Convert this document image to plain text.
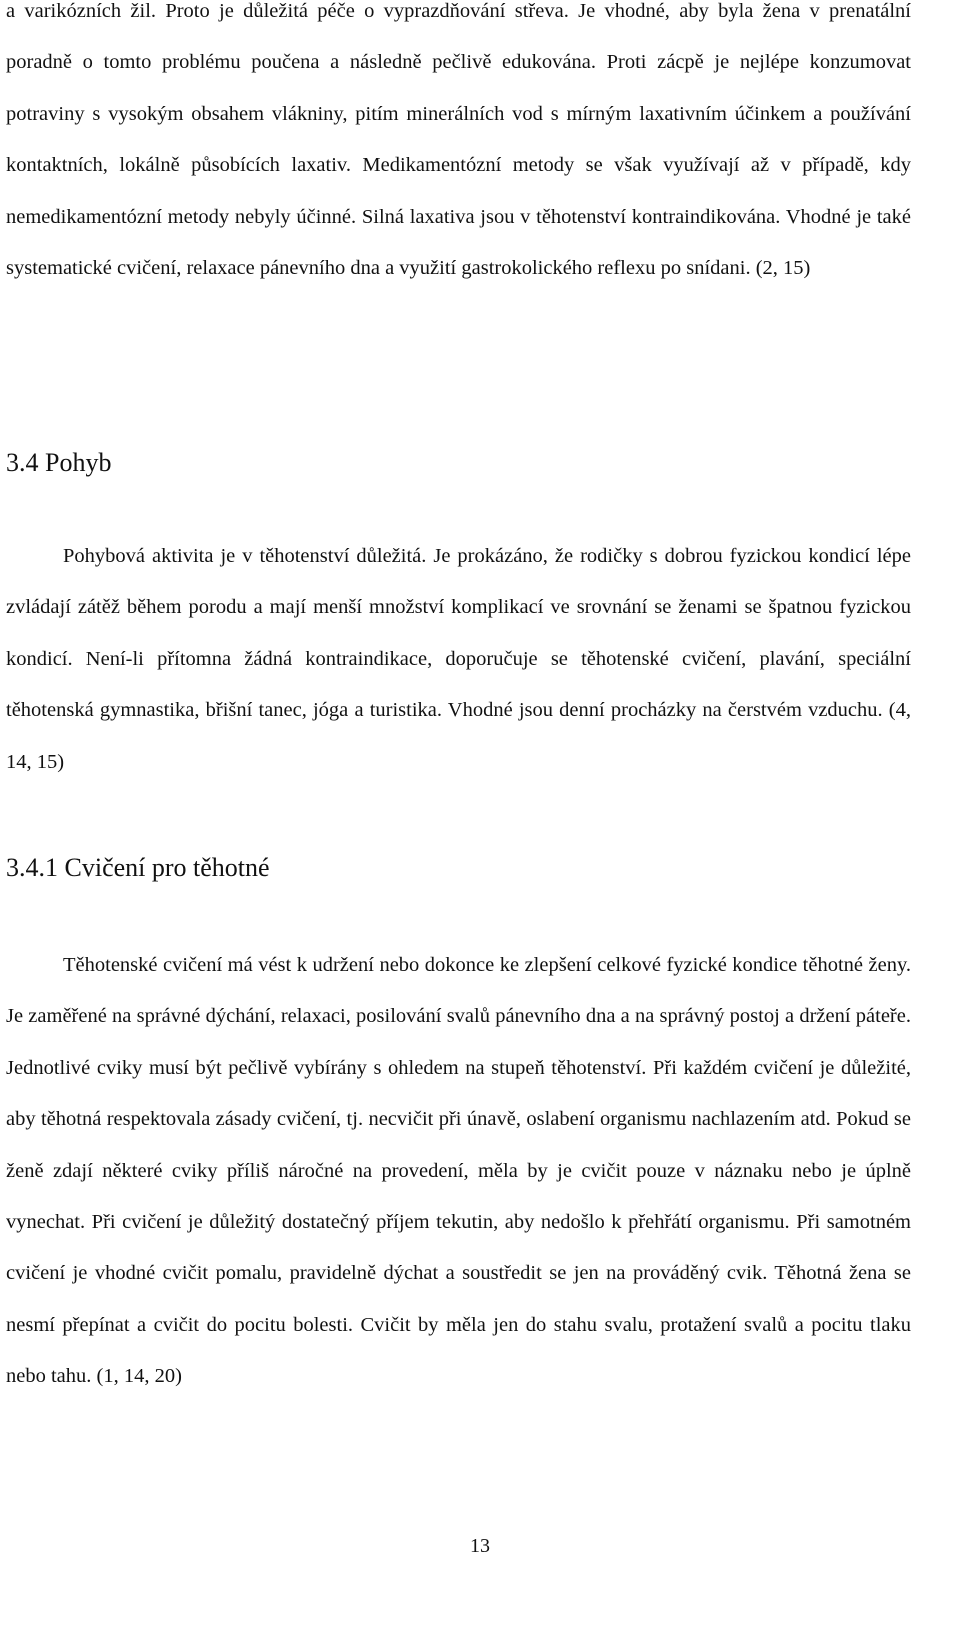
a varikózních žil. Proto je důležitá péče o vyprazdňování střeva. Je vhodné, aby byla žena v prenatální poradně o tomto problému poučena a následně pečlivě edukována. Proti zácpě je nejlépe konzumovat potraviny s vysokým obsahem vlákniny, pitím minerálních vod s mírným laxativním účinkem a používání kontaktních, lokálně působících laxativ. Medikamentózní metody se však využívají až v případě, kdy nemedikamentózní metody nebyly účinné. Silná laxativa jsou v těhotenství kontraindikována. Vhodné je také systematické cvičení, relaxace pánevního dna a využití gastrokolického reflexu po snídani. (2, 15)

3.4 Pohyb

Pohybová aktivita je v těhotenství důležitá. Je prokázáno, že rodičky s dobrou fyzickou kondicí lépe zvládají zátěž během porodu a mají menší množství komplikací ve srovnání se ženami se špatnou fyzickou kondicí. Není-li přítomna žádná kontraindikace, doporučuje se těhotenské cvičení, plavání, speciální těhotenská gymnastika, břišní tanec, jóga a turistika. Vhodné jsou denní procházky na čerstvém vzduchu. (4, 14, 15)

3.4.1 Cvičení pro těhotné

Těhotenské cvičení má vést k udržení nebo dokonce ke zlepšení celkové fyzické kondice těhotné ženy. Je zaměřené na správné dýchání, relaxaci, posilování svalů pánevního dna a na správný postoj a držení páteře. Jednotlivé cviky musí být pečlivě vybírány s ohledem na stupeň těhotenství. Při každém cvičení je důležité, aby těhotná respektovala zásady cvičení, tj. necvičit při únavě, oslabení organismu nachlazením atd. Pokud se ženě zdají některé cviky příliš náročné na provedení, měla by je cvičit pouze v náznaku nebo je úplně vynechat. Při cvičení je důležitý dostatečný příjem tekutin, aby nedošlo k přehřátí organismu. Při samotném cvičení je vhodné cvičit pomalu, pravidelně dýchat a soustředit se jen na prováděný cvik. Těhotná žena se nesmí přepínat a cvičit do pocitu bolesti. Cvičit by měla jen do stahu svalu, protažení svalů a pocitu tlaku nebo tahu. (1, 14, 20)

13
